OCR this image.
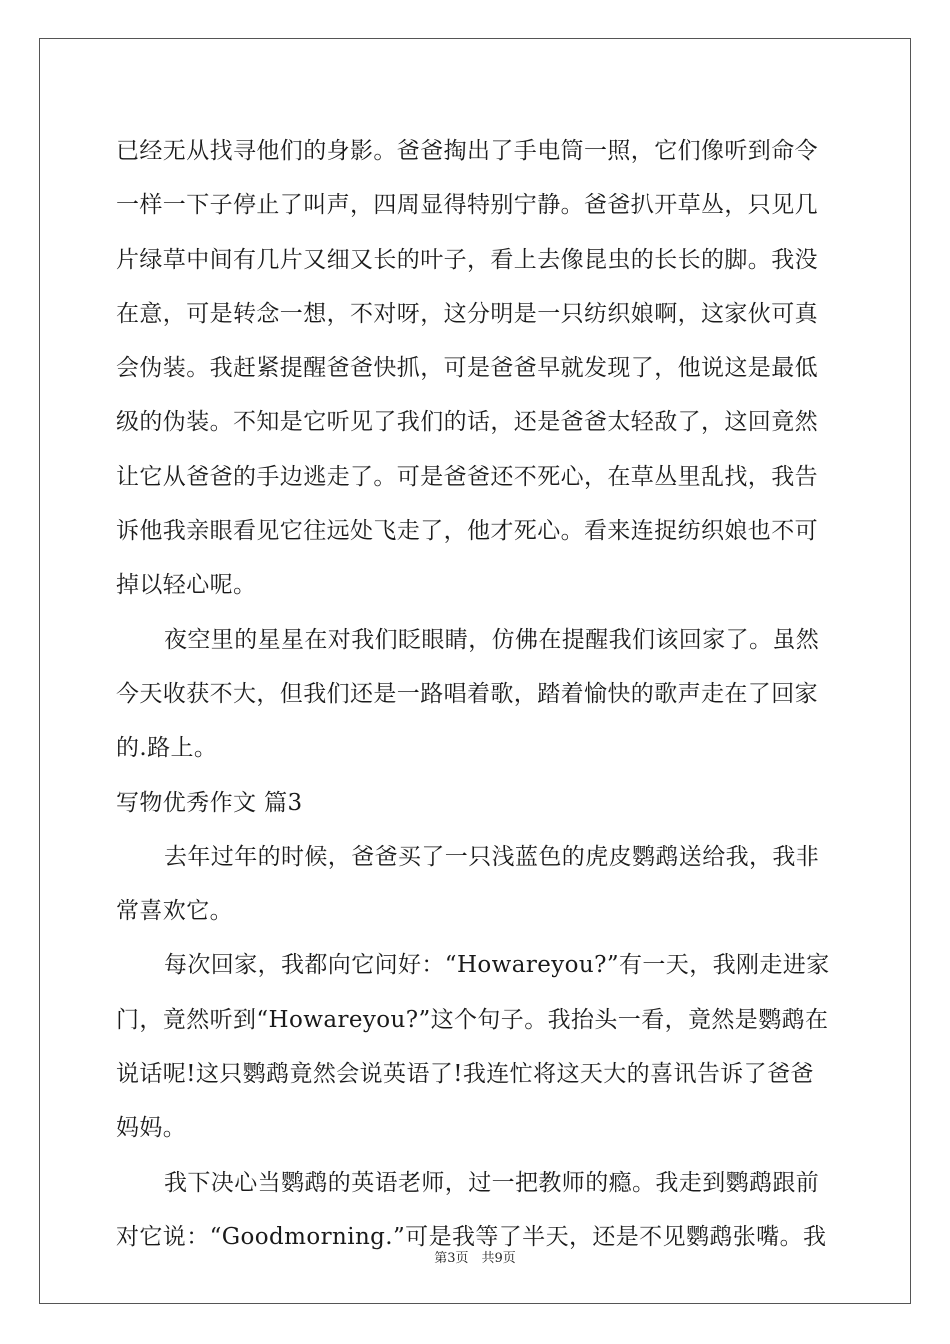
已经无从找寻他们的身影。爸爸掏出了手电筒一照，它们像听到命令
一样一下子停止了叫声，四周显得特别宁静。爸爸扒开草丛，只见几
片绿草中间有几片又细又长的叶子，看上去像昆虫的长长的脚。我没
在意，可是转念一想，不对呀，这分明是一只纺织娘啊，这家伙可真
会伪装。我赶紧提醒爸爸快抓，可是爸爸早就发现了，他说这是最低
级的伪装。不知是它听见了我们的话，还是爸爸太轻敌了，这回竟然
让它从爸爸的手边逃走了。可是爸爸还不死心，在草丛里乱找，我告
诉他我亲眼看见它往远处飞走了，他才死心。看来连捉纺织娘也不可
掉以轻心呢。
夜空里的星星在对我们眨眼睛，仿佛在提醒我们该回家了。虽然
今天收获不大，但我们还是一路唱着歌，踏着愉快的歌声走在了回家
的.路上。
写物优秀作文 篇3
去年过年的时候，爸爸买了一只浅蓝色的虎皮鹦鹉送给我，我非
常喜欢它。
每次回家，我都向它问好：“Howareyou?”有一天，我刚走进家
门，竟然听到“Howareyou?”这个句子。我抬头一看，竟然是鹦鹉在
说话呢!这只鹦鹉竟然会说英语了!我连忙将这天大的喜讯告诉了爸爸
妈妈。
我下决心当鹦鹉的英语老师，过一把教师的瘾。我走到鹦鹉跟前
对它说：“Goodmorning.”可是我等了半天，还是不见鹦鹉张嘴。我
第3页　共9页
